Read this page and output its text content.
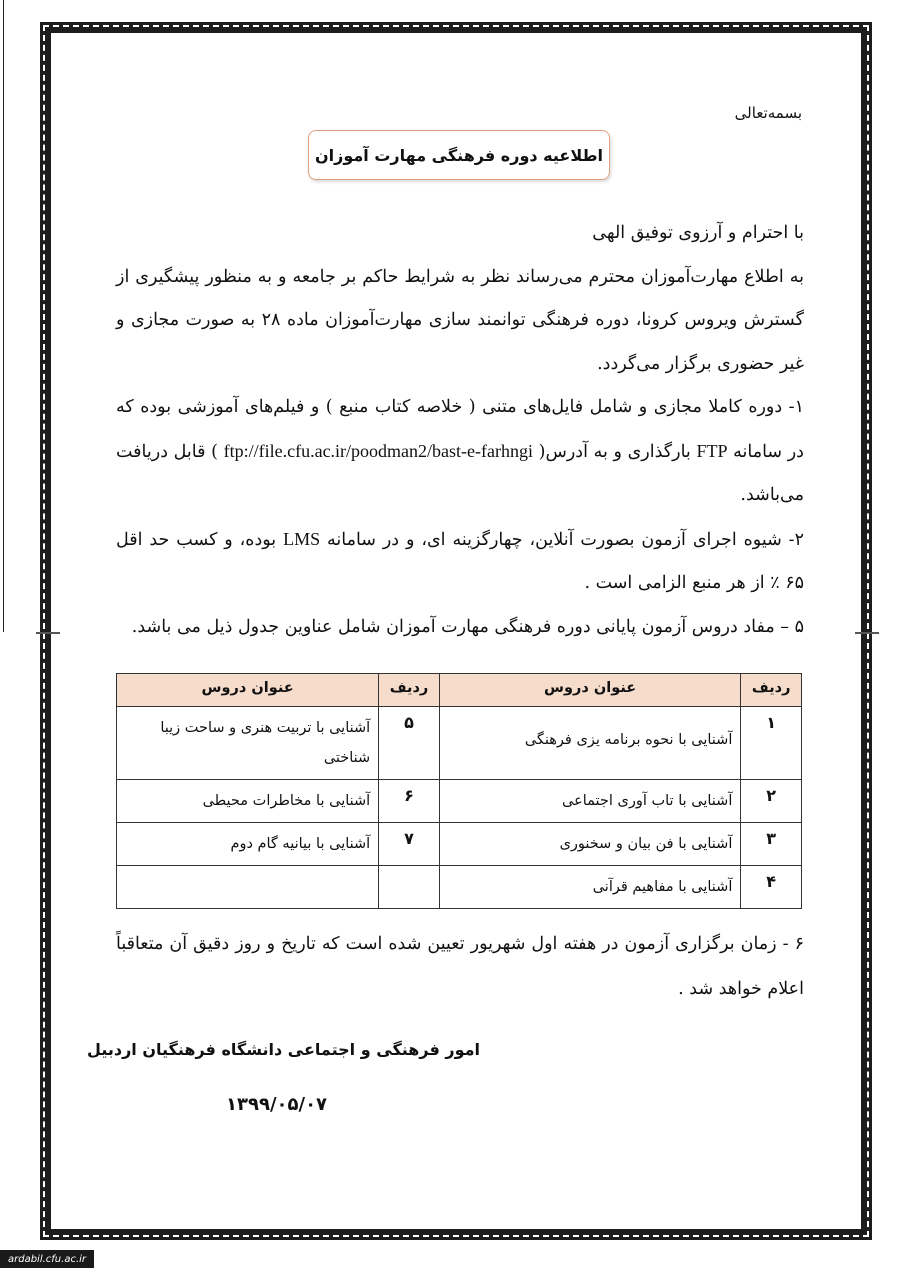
بسمه‌تعالی
اطلاعیه دوره فرهنگی مهارت آموزان

با احترام و آرزوی توفیق الهی

به اطلاع مهارت‌آموزان محترم می‌رساند نظر به شرایط حاکم بر جامعه و به منظور پیشگیری از گسترش ویروس کرونا، دوره فرهنگی توانمند سازی مهارت‌آموزان ماده ۲۸ به صورت مجازی و غیر حضوری برگزار می‌گردد.

۱- دوره کاملا مجازی و شامل فایل‌های متنی ( خلاصه کتاب منبع ) و فیلم‌های آموزشی بوده که در سامانه FTP بارگذاری و به آدرس( ftp://file.cfu.ac.ir/poodman2/bast-e-farhngi ) قابل دریافت می‌باشد.

۲- شیوه اجرای آزمون بصورت آنلاین، چهارگزینه ای، و در سامانه LMS بوده، و کسب حد اقل ۶۵ ٪ از هر منبع الزامی است .

۵ – مفاد دروس آزمون پایانی دوره فرهنگی مهارت آموزان شامل عناوین جدول ذیل می باشد.

ردیف	عنوان دروس	ردیف	عنوان دروس
۱	آشنایی با نحوه برنامه یزی فرهنگی	۵	آشنایی با تربیت هنری و ساحت زیبا شناختی
۲	آشنایی با تاب آوری اجتماعی	۶	آشنایی با مخاطرات محیطی
۳	آشنایی با فن بیان و سخنوری	۷	آشنایی با بیانیه گام دوم
۴	آشنایی با مفاهیم قرآنی		
۶ - زمان برگزاری آزمون در هفته اول شهریور تعیین شده است که تاریخ و روز دقیق آن متعاقباً اعلام خواهد شد .
امور فرهنگی و اجتماعی دانشگاه فرهنگیان اردبیل
۱۳۹۹/۰۵/۰۷
ardabil.cfu.ac.ir
